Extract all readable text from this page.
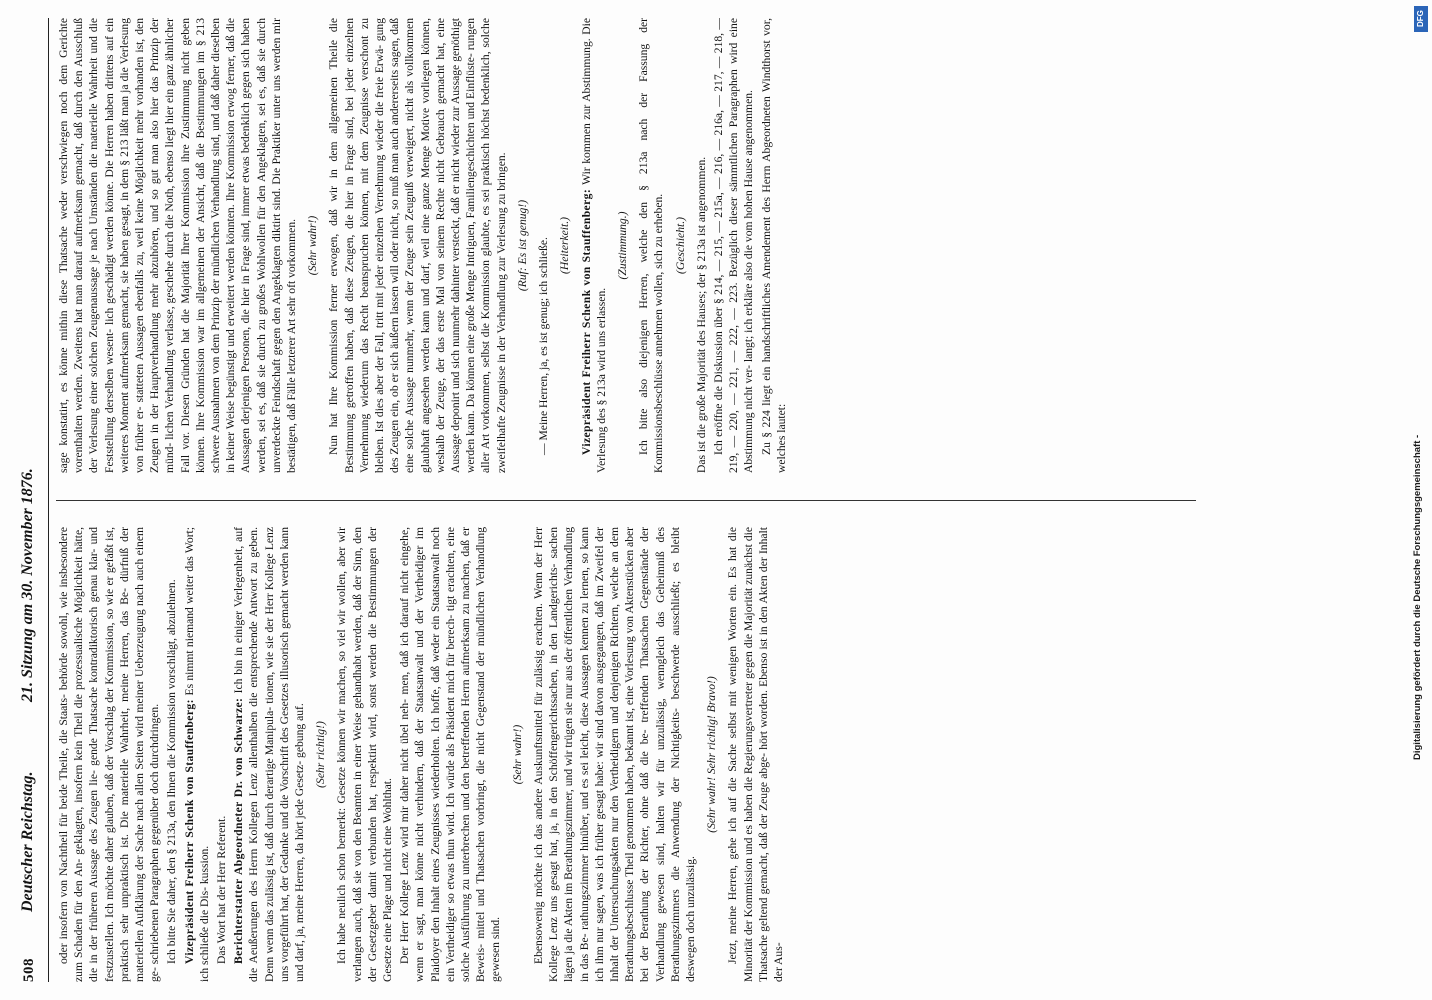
508
Deutscher Reichstag.
21. Sitzung am 30. November 1876. oder insofern von Nachtheil für beide Theile, die Staats- behörde sowohl, wie insbesondere zum Schaden für den An- geklagten, insofern kein Theil die prozessualische Möglichkeit hätte, die in der früheren Aussage des Zeugen lie- gende Thatsache kontradiktorisch genau klar- und festzustellen. Ich möchte daher glauben, daß der Vorschlag der Kommission, so wie er gefaßt ist, praktisch sehr unpraktisch ist. Die materielle Wahrheit, meine Herren, das Be- dürfniß der materiellen Aufklärung der Sache nach allen Seiten wird meiner Ueberzeugung nach auch einem ge- schriebenen Paragraphen gegenüber doch durchdringen. Ich bitte Sie daher, den § 213a, den Ihnen die Kommission vorschlägt, abzulehnen. Vizepräsident Freiherr Schenk von Stauffenberg: Es nimmt niemand weiter das Wort; ich schließe die Dis- kussion. Das Wort hat der Herr Referent. Berichterstatter Abgeordneter Dr. von Schwarze: Ich bin in einiger Verlegenheit, auf die Aeußerungen des Herrn Kollegen Lenz allenthalben die entsprechende Antwort zu geben. Denn wenn das zulässig ist, daß durch derartige Manipula- tionen, wie sie der Herr Kollege Lenz uns vorgeführt hat, der Gedanke und die Vorschrift des Gesetzes illusorisch gemacht werden kann und darf, ja, meine Herren, da hört jede Gesetz- gebung auf. (Sehr richtig!) Ich habe neulich schon bemerkt: Gesetze können wir machen, so viel wir wollen, aber wir verlangen auch, daß sie von den Beamten in einer Weise gehandhabt werden, daß der Sinn, den der Gesetzgeber damit verbunden hat, respektirt wird, sonst werden die Bestimmungen der Gesetze eine Plage und nicht eine Wohlthat. Der Herr Kollege Lenz wird mir daher nicht übel neh- men, daß ich darauf nicht eingehe, wenn er sagt, man könne nicht verhindern, daß der Staatsanwalt und der Vertheidiger im Plaidoyer den Inhalt eines Zeugnisses wiederholten. Ich hoffe, daß weder ein Staatsanwalt noch ein Vertheidiger so etwas thun wird. Ich würde als Präsident mich für berech- tigt erachten, eine solche Ausführung zu unterbrechen und den betreffenden Herrn aufmerksam zu machen, daß er Beweis- mittel und Thatsachen vorbringt, die nicht Gegenstand der mündlichen Verhandlung gewesen sind.

(Sehr wahr!) Ebensowenig möchte ich das andere Auskunftsmittel für zulässig erachten. Wenn der Herr Kollege Lenz uns gesagt hat, ja, in den Schöffengerichtssachen, in den Landgerichts- sachen lägen ja die Akten im Berathungszimmer, und wir trügen sie nur aus der öffentlichen Verhandlung in das Be- rathungszimmer hinüber, und es sei leicht, diese Aussagen kennen zu lernen, so kann ich ihm nur sagen, was ich früher gesagt habe: wir sind davon ausgegangen, daß im Zweifel der Inhalt der Untersuchungsakten nur den Vertheidigern und denjenigen Richtern, welche an dem Berathungsbeschlusse Theil genommen haben, bekannt ist, eine Vorlesung von Aktenstücken aber bei der Berathung der Richter, ohne daß die be- treffenden Thatsachen Gegenstände der Verhandlung gewesen sind, halten wir für unzulässig, wenngleich das Geheimniß des Berathungszimmers die Anwendung der Nichtigkeits- beschwerde ausschließt; es bleibt deswegen doch unzulässig.

(Sehr wahr! Sehr richtig! Bravo!) Jetzt, meine Herren, gehe ich auf die Sache selbst mit wenigen Worten ein. Es hat die Minorität der Kommission und es haben die Regierungsvertreter gegen die Majorität zunächst die Thatsache geltend gemacht, daß der Zeuge abge- hört worden. Ebenso ist in den Akten der Inhalt der Aus-

sage konstatirt, es könne mithin diese Thatsache weder verschwiegen noch dem Gerichte vorenthalten werden. Zweitens hat man darauf aufmerksam gemacht, daß durch den Ausschluß der Verlesung einer solchen Zeugenaussage je nach Umständen die materielle Wahrheit und die Feststellung derselben wesent- lich geschädigt werden könne. Die Herren haben drittens auf ein weiteres Moment aufmerksam gemacht, sie haben gesagt, in dem § 213 läßt man ja die Verlesung von früher er- statteten Aussagen ebenfalls zu, weil keine Möglichkeit mehr vorhanden ist, den Zeugen in der Hauptverhandlung mehr abzuhören, und so gut man also hier das Prinzip der münd- lichen Verhandlung verlasse, geschehe durch die Noth, ebenso liegt hier ein ganz ähnlicher Fall vor. Diesen Gründen hat die Majorität Ihrer Kommission ihre Zustimmung nicht geben können. Ihre Kommission war im allgemeinen der Ansicht, daß die Bestimmungen im § 213 schwere Ausnahmen von dem Prinzip der mündlichen Verhandlung sind, und daß daher dieselben in keiner Weise begünstigt und erweitert werden könnten. Ihre Kommission erwog ferner, daß die Aussagen derjenigen Personen, die hier in Frage sind, immer etwas bedenklich gegen sich haben werden, sei es, daß sie durch zu großes Wohlwollen für den Angeklagten, sei es, daß sie durch unverdeckte Feindschaft gegen den Angeklagten diktirt sind. Die Praktiker unter uns werden mir bestätigen, daß Fälle letzterer Art sehr oft vorkommen. (Sehr wahr!) Nun hat Ihre Kommission ferner erwogen, daß wir in dem allgemeinen Theile die Bestimmung getroffen haben, daß diese Zeugen, die hier in Frage sind, bei jeder einzelnen Vernehmung wiederum das Recht beanspruchen können, mit dem Zeugnisse verschont zu bleiben. Ist dies aber der Fall, tritt mit jeder einzelnen Vernehmung wieder die freie Erwä- gung des Zeugen ein, ob er sich äußern lassen will oder nicht, so muß man auch andererseits sagen, daß eine solche Aussage nunmehr, wenn der Zeuge sein Zeugniß verweigert, nicht als vollkommen glaubhaft angesehen werden kann und darf, weil eine ganze Menge Motive vorliegen können, weshalb der Zeuge, der das erste Mal von seinem Rechte nicht Gebrauch gemacht hat, eine Aussage deponirt und sich nunmehr dahinter versteckt, daß er nicht wieder zur Aussage genöthigt werden kann. Da können eine große Menge Intriguen, Familiengeschichten und Einflüste- rungen aller Art vorkommen, selbst die Kommission glaubte, es sei praktisch höchst bedenklich, solche zweifelhafte Zeugnisse in der Verhandlung zur Verlesung zu bringen. (Ruf: Es ist genug!) — Meine Herren, ja, es ist genug; ich schließe. (Heiterkeit.) Vizepräsident Freiherr Schenk von Stauffenberg: Wir kommen zur Abstimmung. Die Verlesung des § 213a wird uns erlassen.

(Zustimmung.) Ich bitte also diejenigen Herren, welche den § 213a nach der Fassung der Kommissionsbeschlüsse annehmen wollen, sich zu erheben. (Geschieht.) Das ist die große Majorität des Hauses; der § 213a ist angenommen. Ich eröffne die Diskussion über § 214, — 215, — 215a, — 216, — 216a, — 217, — 218, — 219, — 220, — 221, — 222, — 223. Bezüglich dieser sämmtlichen Paragraphen wird eine Abstimmung nicht ver- langt; ich erkläre also die vom hohen Hause angenommen. Zu § 224 liegt ein handschriftliches Amendement des Herrn Abgeordneten Windthorst vor, welches lautet:

DFG
Digitalisierung gefördert durch die Deutsche Forschungsgemeinschaft -
